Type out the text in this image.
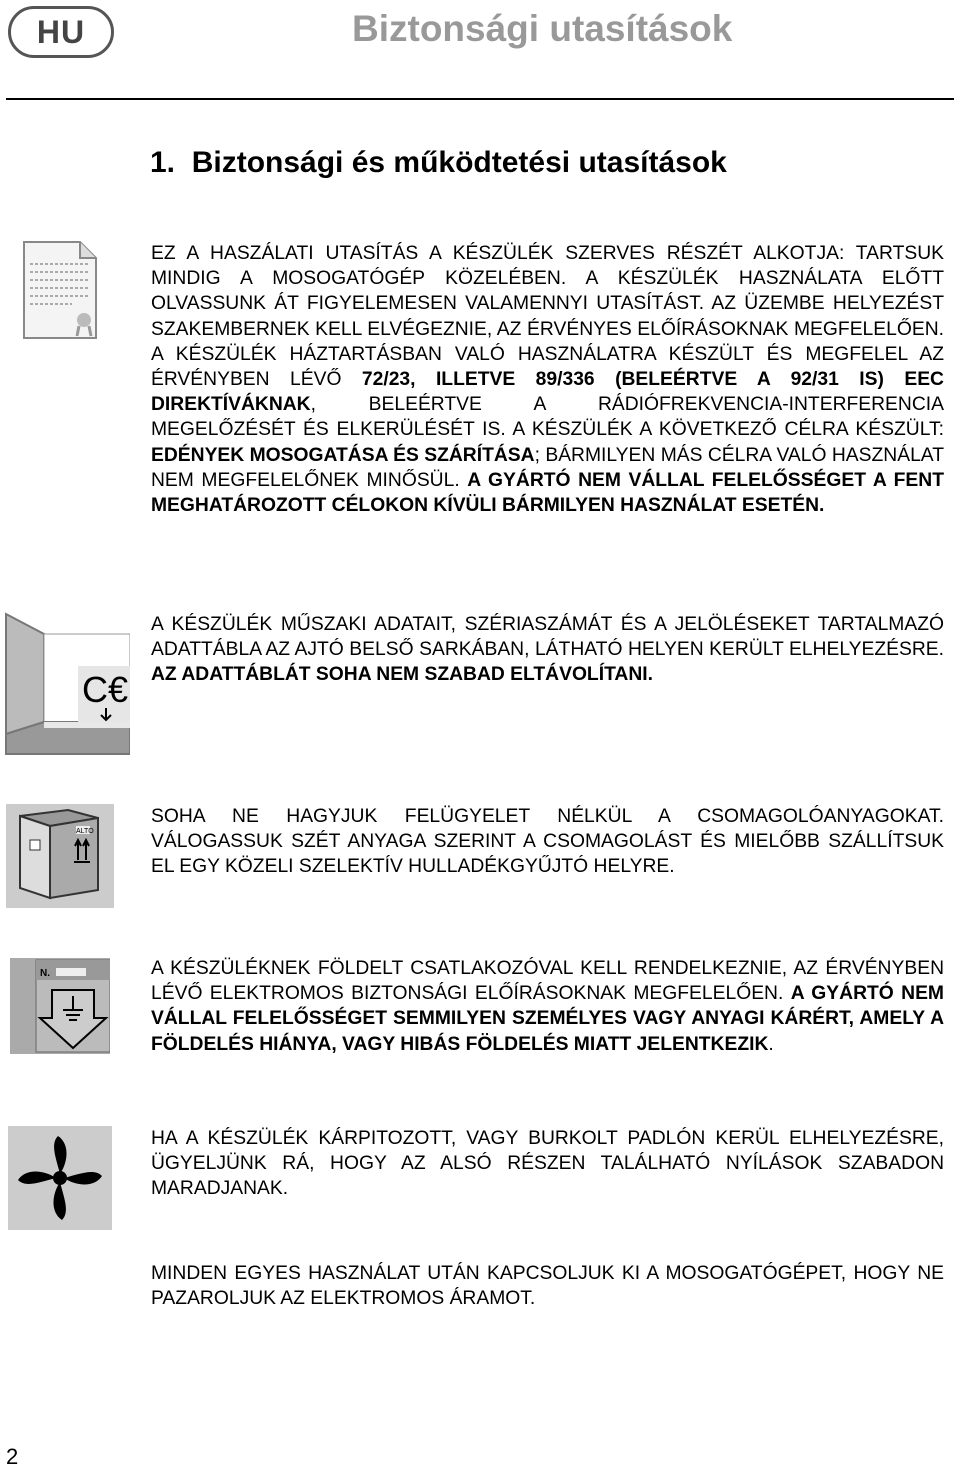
HU	Biztonsági utasítások
1. Biztonsági és működtetési utasítások
C€
ALTO
N.
EZ A HASZÁLATI UTASÍTÁS A KÉSZÜLÉK SZERVES RÉSZÉT ALKOTJA: TARTSUK MINDIG A MOSOGATÓGÉP KÖZELÉBEN. A KÉSZÜLÉK HASZNÁLATA ELŐTT OLVASSUNK ÁT FIGYELEMESEN VALAMENNYI UTASÍTÁST. AZ ÜZEMBE HELYEZÉST SZAKEMBERNEK KELL ELVÉGEZNIE, AZ ÉRVÉNYES ELŐÍRÁSOKNAK MEGFELELŐEN. A KÉSZÜLÉK HÁZTARTÁSBAN VALÓ HASZNÁLATRA KÉSZÜLT ÉS MEGFELEL AZ ÉRVÉNYBEN LÉVŐ 72/23, ILLETVE 89/336 (BELEÉRTVE A 92/31 IS) EEC DIREKTÍVÁKNAK, BELEÉRTVE A RÁDIÓFREKVENCIA-INTERFERENCIA MEGELŐZÉSÉT ÉS ELKERÜLÉSÉT IS. A KÉSZÜLÉK A KÖVETKEZŐ CÉLRA KÉSZÜLT: EDÉNYEK MOSOGATÁSA ÉS SZÁRÍTÁSA; BÁRMILYEN MÁS CÉLRA VALÓ HASZNÁLAT NEM MEGFELELŐNEK MINŐSÜL. A GYÁRTÓ NEM VÁLLAL FELELŐSSÉGET A FENT MEGHATÁROZOTT CÉLOKON KÍVÜLI BÁRMILYEN HASZNÁLAT ESETÉN.
A KÉSZÜLÉK MŰSZAKI ADATAIT, SZÉRIASZÁMÁT ÉS A JELÖLÉSEKET TARTALMAZÓ ADATTÁBLA AZ AJTÓ BELSŐ SARKÁBAN, LÁTHATÓ HELYEN KERÜLT ELHELYEZÉSRE. AZ ADATTÁBLÁT SOHA NEM SZABAD ELTÁVOLÍTANI.
SOHA NE HAGYJUK FELÜGYELET NÉLKÜL A CSOMAGOLÓANYAGOKAT. VÁLOGASSUK SZÉT ANYAGA SZERINT A CSOMAGOLÁST ÉS MIELŐBB SZÁLLÍTSUK EL EGY KÖZELI SZELEKTÍV HULLADÉKGYŰJTÓ HELYRE.
A KÉSZÜLÉKNEK FÖLDELT CSATLAKOZÓVAL KELL RENDELKEZNIE, AZ ÉRVÉNYBEN LÉVŐ ELEKTROMOS BIZTONSÁGI ELŐÍRÁSOKNAK MEGFELELŐEN. A GYÁRTÓ NEM VÁLLAL FELELŐSSÉGET SEMMILYEN SZEMÉLYES VAGY ANYAGI KÁRÉRT, AMELY A FÖLDELÉS HIÁNYA, VAGY HIBÁS FÖLDELÉS MIATT JELENTKEZIK.
HA A KÉSZÜLÉK KÁRPITOZOTT, VAGY BURKOLT PADLÓN KERÜL ELHELYEZÉSRE, ÜGYELJÜNK RÁ, HOGY AZ ALSÓ RÉSZEN TALÁLHATÓ NYÍLÁSOK SZABADON MARADJANAK.
MINDEN EGYES HASZNÁLAT UTÁN KAPCSOLJUK KI A MOSOGATÓGÉPET, HOGY NE PAZAROLJUK AZ ELEKTROMOS ÁRAMOT.
2
